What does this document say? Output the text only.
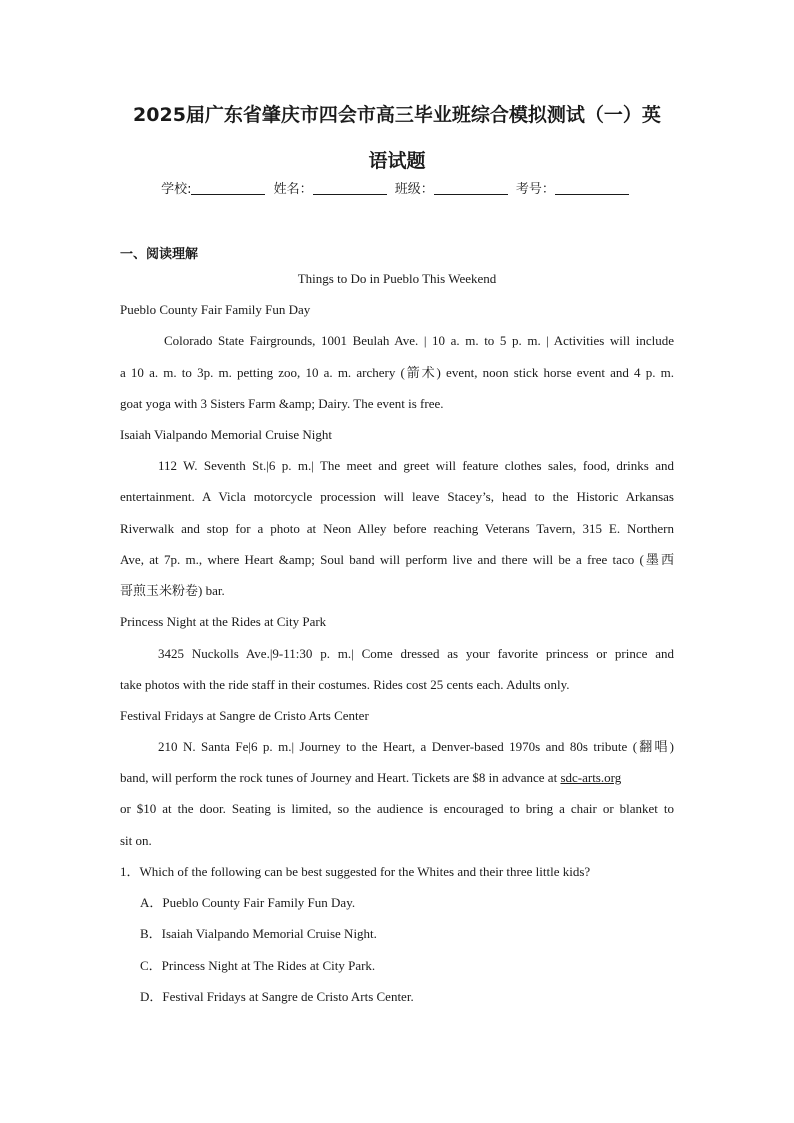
2025届广东省肇庆市四会市高三毕业班综合模拟测试（一）英
语试题
学校:	姓名：	班级：	考号：
一、阅读理解
Things to Do in Pueblo This Weekend
Pueblo County Fair Family Fun Day
Colorado State Fairgrounds, 1001 Beulah Ave. | 10 a. m. to 5 p. m. | Activities will include
a 10 a. m. to 3p. m. petting zoo, 10 a. m. archery (箭术) event, noon stick horse event and 4 p. m.
goat yoga with 3 Sisters Farm &amp; Dairy. The event is free.
Isaiah Vialpando Memorial Cruise Night
112 W. Seventh St.|6 p. m.| The meet and greet will feature clothes sales, food, drinks and
entertainment. A Vicla motorcycle procession will leave Stacey’s, head to the Historic Arkansas
Riverwalk and stop for a photo at Neon Alley before reaching Veterans Tavern, 315 E. Northern
Ave, at 7p. m., where Heart &amp; Soul band will perform live and there will be a free taco (墨西
哥煎玉米粉卷) bar.
Princess Night at the Rides at City Park
3425 Nuckolls Ave.|9-11:30 p. m.| Come dressed as your favorite princess or prince and
take photos with the ride staff in their costumes. Rides cost 25 cents each. Adults only.
Festival Fridays at Sangre de Cristo Arts Center
210 N. Santa Fe|6 p. m.| Journey to the Heart, a Denver-based 1970s and 80s tribute (翻唱)
band, will perform the rock tunes of Journey and Heart. Tickets are $8 in advance at sdc-arts.org
or $10 at the door. Seating is limited, so the audience is encouraged to bring a chair or blanket to
sit on.
1．Which of the following can be best suggested for the Whites and their three little kids?
A．Pueblo County Fair Family Fun Day.
B．Isaiah Vialpando Memorial Cruise Night.
C．Princess Night at The Rides at City Park.
D．Festival Fridays at Sangre de Cristo Arts Center.
